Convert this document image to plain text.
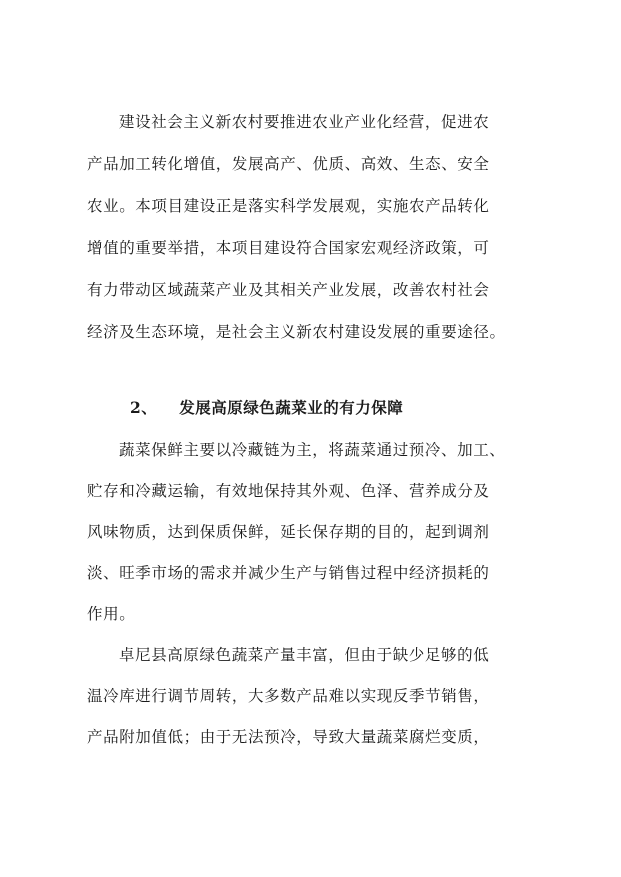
建设社会主义新农村要推进农业产业化经营，促进农
产品加工转化增值，发展高产、优质、高效、生态、安全
农业。本项目建设正是落实科学发展观，实施农产品转化
增值的重要举措，本项目建设符合国家宏观经济政策，可
有力带动区域蔬菜产业及其相关产业发展，改善农村社会
经济及生态环境，是社会主义新农村建设发展的重要途径。
2、 发展高原绿色蔬菜业的有力保障
蔬菜保鲜主要以冷藏链为主，将蔬菜通过预冷、加工、
贮存和冷藏运输，有效地保持其外观、色泽、营养成分及
风味物质，达到保质保鲜，延长保存期的目的，起到调剂
淡、旺季市场的需求并减少生产与销售过程中经济损耗的
作用。
卓尼县高原绿色蔬菜产量丰富，但由于缺少足够的低
温冷库进行调节周转，大多数产品难以实现反季节销售，
产品附加值低；由于无法预冷，导致大量蔬菜腐烂变质，
